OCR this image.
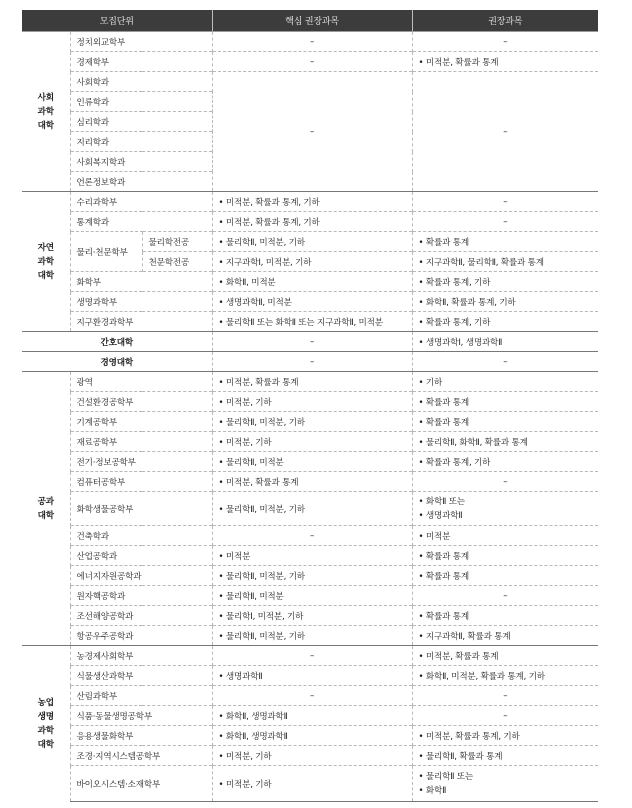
모집단위			핵심 권장과목	권장과목

사회
과학
대학	정치외교학부		–	–
	경제학부		–	• 미적분, 확률과 통계
	사회학과		–	–
	인류학과			
	심리학과			
	지리학과			
	사회복지학과			
	언론정보학과			

자연
과학
대학	수리과학부		• 미적분, 확률과 통계, 기하	–
	통계학과		• 미적분, 확률과 통계, 기하	–
	물리·천문학부	물리학전공	• 물리학Ⅱ, 미적분, 기하	• 확률과 통계
		천문학전공	• 지구과학Ⅰ, 미적분, 기하	• 지구과학Ⅱ, 물리학Ⅱ, 확률과 통계
	화학부		• 화학Ⅱ, 미적분	• 확률과 통계, 기하
	생명과학부		• 생명과학Ⅱ, 미적분	• 화학Ⅱ, 확률과 통계, 기하
	지구환경과학부		• 물리학Ⅱ 또는 화학Ⅱ 또는 지구과학Ⅱ, 미적분	• 확률과 통계, 기하
간호대학			–	• 생명과학Ⅰ, 생명과학Ⅱ
경영대학			–	–

공과
대학	광역		• 미적분, 확률과 통계	• 기하
	건설환경공학부		• 미적분, 기하	• 확률과 통계
	기계공학부		• 물리학Ⅱ, 미적분, 기하	• 확률과 통계
	재료공학부		• 미적분, 기하	• 물리학Ⅱ, 화학Ⅱ, 확률과 통계
	전기·정보공학부		• 물리학Ⅱ, 미적분	• 확률과 통계, 기하
	컴퓨터공학부		• 미적분, 확률과 통계	–
	화학생물공학부		• 물리학Ⅱ, 미적분, 기하	• 화학Ⅱ 또는
• 생명과학Ⅱ

	건축학과		–	• 미적분
	산업공학과		• 미적분	• 확률과 통계
	에너지자원공학과		• 물리학Ⅱ, 미적분, 기하	• 확률과 통계
	원자핵공학과		• 물리학Ⅱ, 미적분	–
	조선해양공학과		• 물리학Ⅰ, 미적분, 기하	• 확률과 통계
	항공우주공학과		• 물리학Ⅱ, 미적분, 기하	• 지구과학Ⅱ, 확률과 통계

농업
생명
과학
대학	농경제사회학부		–	• 미적분, 확률과 통계
	식물생산과학부		• 생명과학Ⅱ	• 화학Ⅱ, 미적분, 확률과 통계, 기하
	산림과학부		–	–
	식품·동물생명공학부		• 화학Ⅱ, 생명과학Ⅱ	–
	응용생물화학부		• 화학Ⅱ, 생명과학Ⅱ	• 미적분, 확률과 통계, 기하
	조경·지역시스템공학부		• 미적분, 기하	• 물리학Ⅱ, 확률과 통계
	바이오시스템·소재학부		• 미적분, 기하	• 물리학Ⅱ 또는
• 화학Ⅱ
